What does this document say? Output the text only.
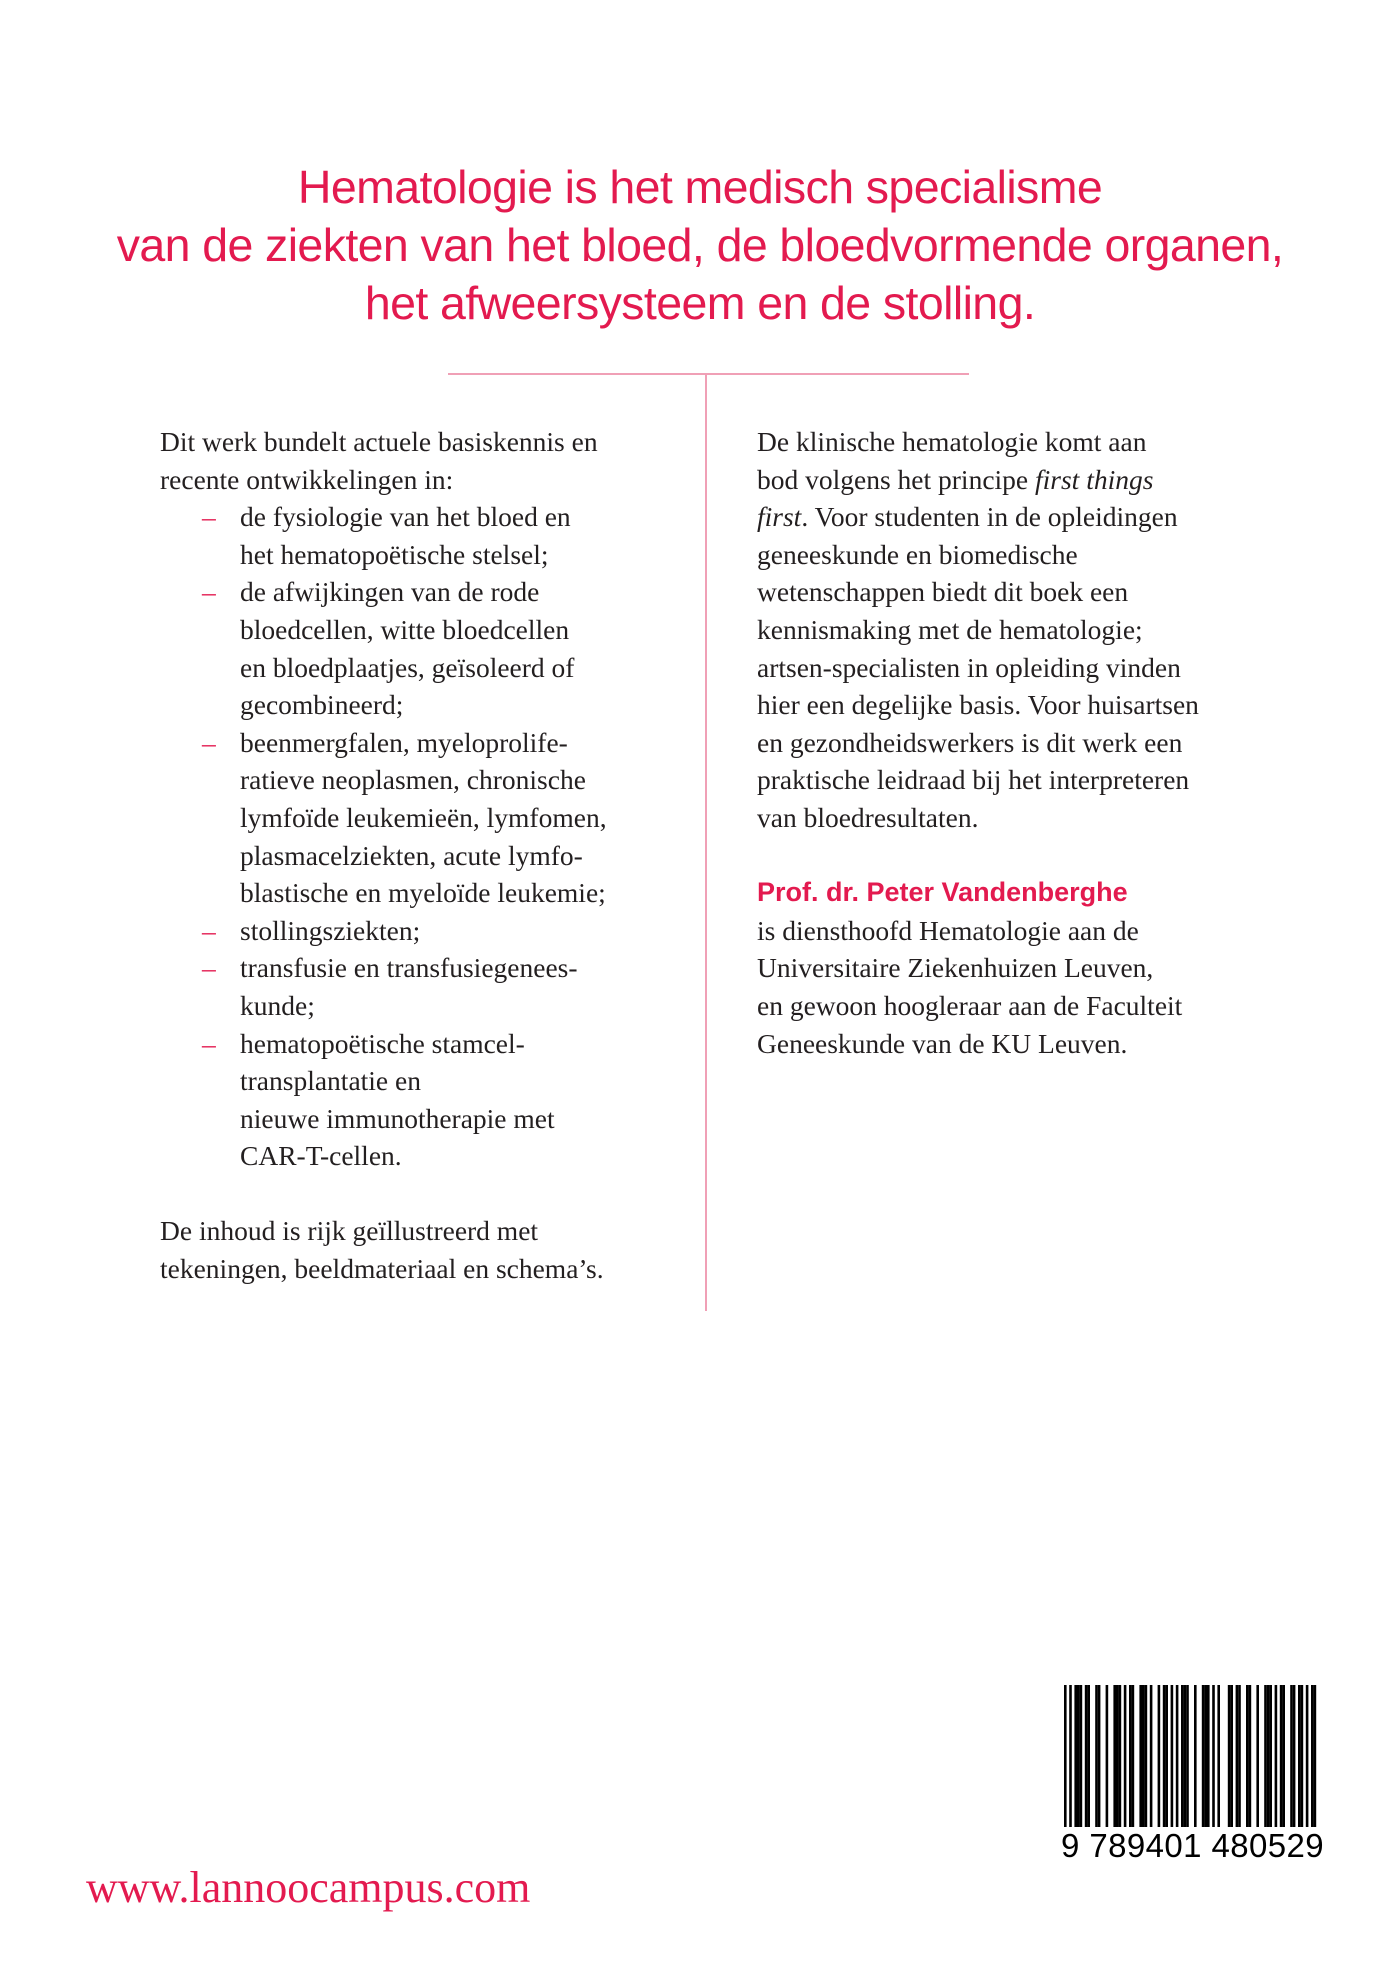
Hematologie is het medisch specialisme
van de ziekten van het bloed, de bloedvormende organen,
het afweersysteem en de stolling.
Dit werk bundelt actuele basiskennis en
recente ontwikkelingen in:
– de fysiologie van het bloed en
het hematopoëtische stelsel;
– de afwijkingen van de rode
bloedcellen, witte bloedcellen
en bloedplaatjes, geïsoleerd of
gecombineerd;
– beenmergfalen, myeloprolife-
ratieve neoplasmen, chronische
lymfoïde leukemieën, lymfomen,
plasmacelziekten, acute lymfo-
blastische en myeloïde leukemie;
– stollingsziekten;
– transfusie en transfusiegenees-
kunde;
– hematopoëtische stamcel-
transplantatie en
nieuwe immunotherapie met
CAR-T-cellen.
De inhoud is rijk geïllustreerd met
tekeningen, beeldmateriaal en schema’s.
De klinische hematologie komt aan
bod volgens het principe first things
first. Voor studenten in de opleidingen
geneeskunde en biomedische
wetenschappen biedt dit boek een
kennismaking met de hematologie;
artsen-specialisten in opleiding vinden
hier een degelijke basis. Voor huisartsen
en gezondheidswerkers is dit werk een
praktische leidraad bij het interpreteren
van bloedresultaten.
Prof. dr. Peter Vandenberghe
is diensthoofd Hematologie aan de
Universitaire Ziekenhuizen Leuven,
en gewoon hoogleraar aan de Faculteit
Geneeskunde van de KU Leuven.
www.lannoocampus.com
9 789401 480529
